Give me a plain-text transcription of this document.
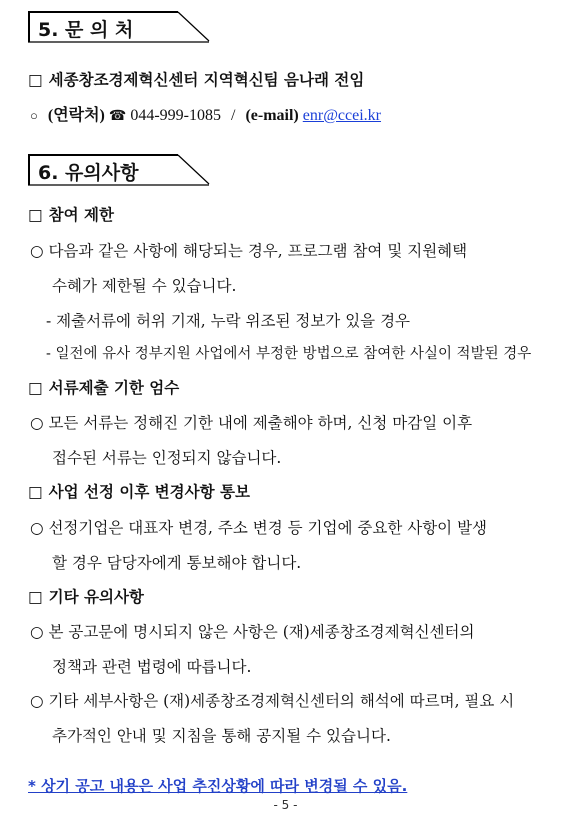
5. 문 의 처
□ 세종창조경제혁신센터 지역혁신팀 음나래 전임
○ (연락처) ☎ 044-999-1085 / (e-mail) enr@ccei.kr
6. 유의사항
□ 참여 제한
○ 다음과 같은 사항에 해당되는 경우, 프로그램 참여 및 지원혜택
수혜가 제한될 수 있습니다.
- 제출서류에 허위 기재, 누락 위조된 정보가 있을 경우
- 일전에 유사 정부지원 사업에서 부정한 방법으로 참여한 사실이 적발된 경우
□ 서류제출 기한 엄수
○ 모든 서류는 정해진 기한 내에 제출해야 하며, 신청 마감일 이후
접수된 서류는 인정되지 않습니다.
□ 사업 선정 이후 변경사항 통보
○ 선정기업은 대표자 변경, 주소 변경 등 기업에 중요한 사항이 발생
할 경우 담당자에게 통보해야 합니다.
□ 기타 유의사항
○ 본 공고문에 명시되지 않은 사항은 (재)세종창조경제혁신센터의
정책과 관련 법령에 따릅니다.
○ 기타 세부사항은 (재)세종창조경제혁신센터의 해석에 따르며, 필요 시
추가적인 안내 및 지침을 통해 공지될 수 있습니다.
* 상기 공고 내용은 사업 추진상황에 따라 변경될 수 있음.
- 5 -
